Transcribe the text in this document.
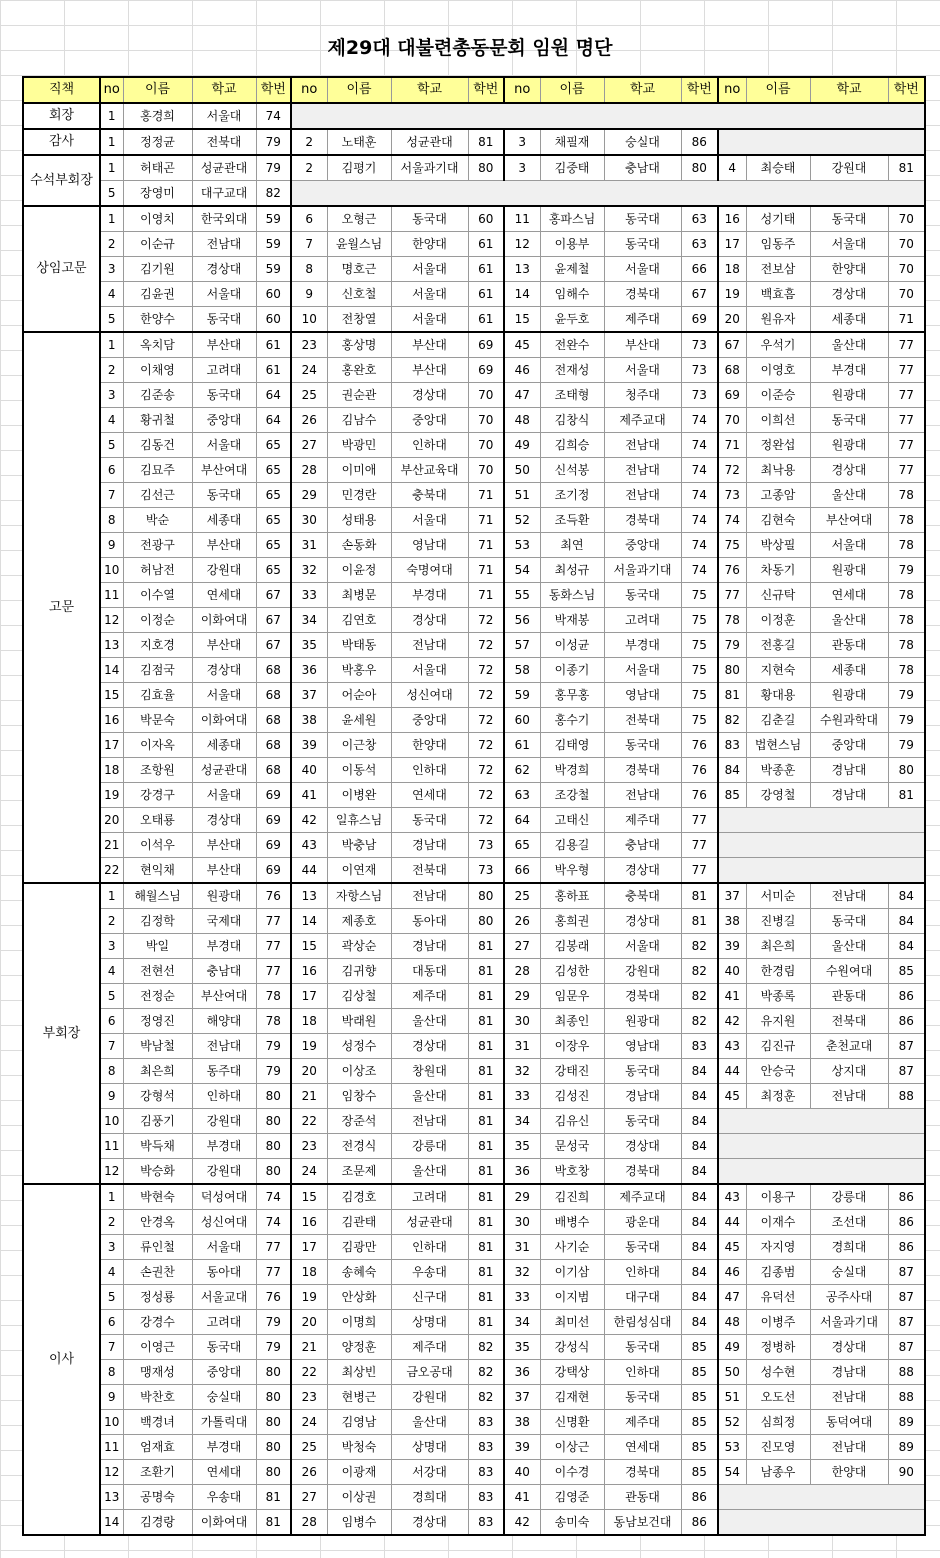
제29대 대불련총동문회 임원 명단
직책	no	이름	학교	학번	no	이름	학교	학번	no	이름	학교	학번	no	이름	학교	학번
회장	1	홍경희	서울대	74												
감사	1	정정균	전북대	79	2	노태훈	성균관대	81	3	채필재	숭실대	86				
수석부회장	1	허태곤	성균관대	79	2	김평기	서울과기대	80	3	김중태	충남대	80	4	최승태	강원대	81
	5	장영미	대구교대	82												
상임고문	1	이영치	한국외대	59	6	오형근	동국대	60	11	홍파스님	동국대	63	16	성기태	동국대	70
	2	이순규	전남대	59	7	윤월스님	한양대	61	12	이용부	동국대	63	17	임동주	서울대	70
	3	김기원	경상대	59	8	명호근	서울대	61	13	윤제철	서울대	66	18	전보삼	한양대	70
	4	김윤권	서울대	60	9	신호철	서울대	61	14	임해수	경북대	67	19	백효흠	경상대	70
	5	한양수	동국대	60	10	전창열	서울대	61	15	윤두호	제주대	69	20	원유자	세종대	71
고문	1	옥치담	부산대	61	23	홍상명	부산대	69	45	전완수	부산대	73	67	우석기	울산대	77
	2	이채영	고려대	61	24	홍완호	부산대	69	46	전재성	서울대	73	68	이영호	부경대	77
	3	김준송	동국대	64	25	권순관	경상대	70	47	조태형	청주대	73	69	이준승	원광대	77
	4	황귀철	중앙대	64	26	김남수	중앙대	70	48	김창식	제주교대	74	70	이희선	동국대	77
	5	김동건	서울대	65	27	박광민	인하대	70	49	김희승	전남대	74	71	정완섭	원광대	77
	6	김묘주	부산여대	65	28	이미애	부산교육대	70	50	신석봉	전남대	74	72	최낙용	경상대	77
	7	김선근	동국대	65	29	민경란	충북대	71	51	조기정	전남대	74	73	고종암	울산대	78
	8	박순	세종대	65	30	성태용	서울대	71	52	조득환	경북대	74	74	김현숙	부산여대	78
	9	전광구	부산대	65	31	손동화	영남대	71	53	최연	중앙대	74	75	박상필	서울대	78
	10	허남전	강원대	65	32	이윤정	숙명여대	71	54	최성규	서울과기대	74	76	차동기	원광대	79
	11	이수열	연세대	67	33	최병문	부경대	71	55	동화스님	동국대	75	77	신규탁	연세대	78
	12	이정순	이화여대	67	34	김연호	경상대	72	56	박재봉	고려대	75	78	이정훈	울산대	78
	13	지호경	부산대	67	35	박태동	전남대	72	57	이성균	부경대	75	79	전홍길	관동대	78
	14	김점국	경상대	68	36	박홍우	서울대	72	58	이종기	서울대	75	80	지현숙	세종대	78
	15	김효율	서울대	68	37	어순아	성신여대	72	59	홍무홍	영남대	75	81	황대용	원광대	79
	16	박문숙	이화여대	68	38	윤세원	중앙대	72	60	홍수기	전북대	75	82	김춘길	수원과학대	79
	17	이자옥	세종대	68	39	이근창	한양대	72	61	김태영	동국대	76	83	법현스님	중앙대	79
	18	조항원	성균관대	68	40	이동석	인하대	72	62	박경희	경북대	76	84	박종훈	경남대	80
	19	강경구	서울대	69	41	이병완	연세대	72	63	조강철	전남대	76	85	강영철	경남대	81
	20	오태룡	경상대	69	42	일휴스님	동국대	72	64	고태신	제주대	77				
	21	이석우	부산대	69	43	박충남	경남대	73	65	김용길	충남대	77				
	22	현익채	부산대	69	44	이연재	전북대	73	66	박우형	경상대	77				
부회장	1	해월스님	원광대	76	13	자항스님	전남대	80	25	홍하표	충북대	81	37	서미순	전남대	84
	2	김정학	국제대	77	14	제종호	동아대	80	26	홍희권	경상대	81	38	진병길	동국대	84
	3	박일	부경대	77	15	곽상순	경남대	81	27	김봉래	서울대	82	39	최은희	울산대	84
	4	전현선	충남대	77	16	김귀향	대동대	81	28	김성한	강원대	82	40	한경림	수원여대	85
	5	전정순	부산여대	78	17	김상철	제주대	81	29	임문우	경북대	82	41	박종록	관동대	86
	6	정영진	해양대	78	18	박래원	울산대	81	30	최종인	원광대	82	42	유지원	전북대	86
	7	박남철	전남대	79	19	성정수	경상대	81	31	이장우	영남대	83	43	김진규	춘천교대	87
	8	최은희	동주대	79	20	이상조	창원대	81	32	강태진	동국대	84	44	안승국	상지대	87
	9	강형석	인하대	80	21	임창수	울산대	81	33	김성진	경남대	84	45	최정훈	전남대	88
	10	김풍기	강원대	80	22	장준석	전남대	81	34	김유신	동국대	84				
	11	박득채	부경대	80	23	전경식	강릉대	81	35	문성국	경상대	84				
	12	박승화	강원대	80	24	조문제	울산대	81	36	박호창	경북대	84				
이사	1	박현숙	덕성여대	74	15	김경호	고려대	81	29	김진희	제주교대	84	43	이용구	강릉대	86
	2	안경옥	성신여대	74	16	김관태	성균관대	81	30	배병수	광운대	84	44	이재수	조선대	86
	3	류인철	서울대	77	17	김광만	인하대	81	31	사기순	동국대	84	45	자지영	경희대	86
	4	손권찬	동아대	77	18	송혜숙	우송대	81	32	이기삼	인하대	84	46	김종범	숭실대	87
	5	정성룡	서울교대	76	19	안상화	신구대	81	33	이지범	대구대	84	47	유덕선	공주사대	87
	6	강경수	고려대	79	20	이명희	상명대	81	34	최미선	한림성심대	84	48	이병주	서울과기대	87
	7	이영근	동국대	79	21	양정훈	제주대	82	35	강성식	동국대	85	49	정병하	경상대	87
	8	맹재성	중앙대	80	22	최상빈	금오공대	82	36	강택상	인하대	85	50	성수현	경남대	88
	9	박찬호	숭실대	80	23	현병근	강원대	82	37	김재현	동국대	85	51	오도선	전남대	88
	10	백경녀	가톨릭대	80	24	김영남	울산대	83	38	신명환	제주대	85	52	심희정	동덕여대	89
	11	엄재효	부경대	80	25	박청숙	상명대	83	39	이상근	연세대	85	53	진모영	전남대	89
	12	조환기	연세대	80	26	이광재	서강대	83	40	이수경	경북대	85	54	남종우	한양대	90
	13	공명숙	우송대	81	27	이상권	경희대	83	41	김영준	관동대	86				
	14	김경랑	이화여대	81	28	임병수	경상대	83	42	송미숙	동남보건대	86				
